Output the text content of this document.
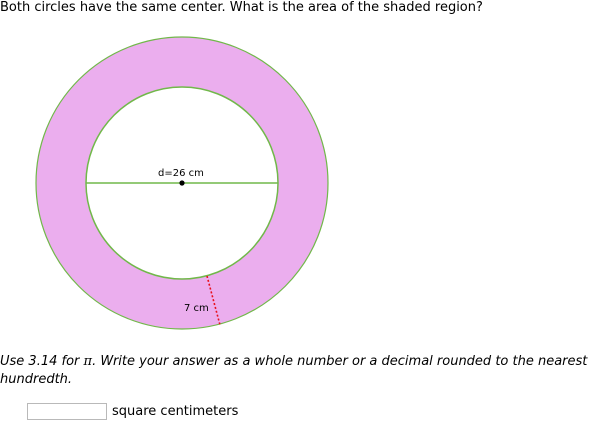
Both circles have the same center. What is the area of the shaded region?
d=26 cm
7 cm
Use 3.14 for π. Write your answer as a whole number or a decimal rounded to the nearest hundredth.
square centimeters
